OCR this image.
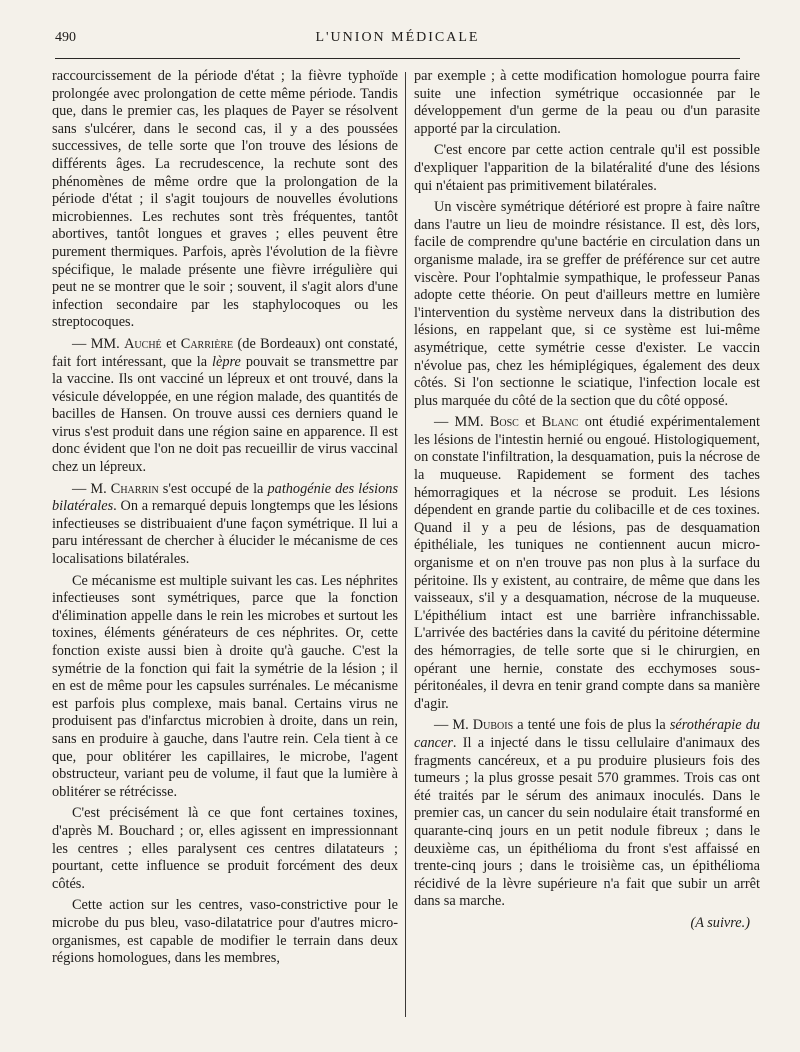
490	L'UNION MÉDICALE

raccourcissement de la période d'état ; la fièvre typhoïde prolongée avec prolongation de cette même période. Tandis que, dans le premier cas, les plaques de Payer se résolvent sans s'ulcérer, dans le second cas, il y a des poussées successives, de telle sorte que l'on trouve des lésions de différents âges. La recrudescence, la rechute sont des phénomènes de même ordre que la prolongation de la période d'état ; il s'agit toujours de nouvelles évolutions microbiennes. Les rechutes sont très fréquentes, tantôt abortives, tantôt longues et graves ; elles peuvent être purement thermiques. Parfois, après l'évolution de la fièvre spécifique, le malade présente une fièvre irrégulière qui peut ne se montrer que le soir ; souvent, il s'agit alors d'une infection secondaire par les staphylocoques ou les streptocoques.

— MM. Auché et Carrière (de Bordeaux) ont constaté, fait fort intéressant, que la lèpre pouvait se transmettre par la vaccine. Ils ont vacciné un lépreux et ont trouvé, dans la vésicule développée, en une région malade, des quantités de bacilles de Hansen. On trouve aussi ces derniers quand le virus s'est produit dans une région saine en apparence. Il est donc évident que l'on ne doit pas recueillir de virus vaccinal chez un lépreux.

— M. Charrin s'est occupé de la pathogénie des lésions bilatérales. On a remarqué depuis longtemps que les lésions infectieuses se distribuaient d'une façon symétrique. Il lui a paru intéressant de chercher à élucider le mécanisme de ces localisations bilatérales.

Ce mécanisme est multiple suivant les cas. Les néphrites infectieuses sont symétriques, parce que la fonction d'élimination appelle dans le rein les microbes et surtout les toxines, éléments générateurs de ces néphrites. Or, cette fonction existe aussi bien à droite qu'à gauche. C'est la symétrie de la fonction qui fait la symétrie de la lésion ; il en est de même pour les capsules surrénales. Le mécanisme est parfois plus complexe, mais banal. Certains virus ne produisent pas d'infarctus microbien à droite, dans un rein, sans en produire à gauche, dans l'autre rein. Cela tient à ce que, pour oblitérer les capillaires, le microbe, l'agent obstructeur, variant peu de volume, il faut que la lumière à oblitérer se rétrécisse.

C'est précisément là ce que font certaines toxines, d'après M. Bouchard ; or, elles agissent en impressionnant les centres ; elles paralysent ces centres dilatateurs ; pourtant, cette influence se produit forcément des deux côtés.

Cette action sur les centres, vaso-constrictive pour le microbe du pus bleu, vaso-dilatatrice pour d'autres micro-organismes, est capable de modifier le terrain dans deux régions homologues, dans les membres,

par exemple ; à cette modification homologue pourra faire suite une infection symétrique occasionnée par le développement d'un germe de la peau ou d'un parasite apporté par la circulation.

C'est encore par cette action centrale qu'il est possible d'expliquer l'apparition de la bilatéralité d'une des lésions qui n'étaient pas primitivement bilatérales.

Un viscère symétrique détérioré est propre à faire naître dans l'autre un lieu de moindre résistance. Il est, dès lors, facile de comprendre qu'une bactérie en circulation dans un organisme malade, ira se greffer de préférence sur cet autre viscère. Pour l'ophtalmie sympathique, le professeur Panas adopte cette théorie. On peut d'ailleurs mettre en lumière l'intervention du système nerveux dans la distribution des lésions, en rappelant que, si ce système est lui-même asymétrique, cette symétrie cesse d'exister. Le vaccin n'évolue pas, chez les hémiplégiques, également des deux côtés. Si l'on sectionne le sciatique, l'infection locale est plus marquée du côté de la section que du côté opposé.

— MM. Bosc et Blanc ont étudié expérimentalement les lésions de l'intestin hernié ou engoué. Histologiquement, on constate l'infiltration, la desquamation, puis la nécrose de la muqueuse. Rapidement se forment des taches hémorragiques et la nécrose se produit. Les lésions dépendent en grande partie du colibacille et de ces toxines. Quand il y a peu de lésions, pas de desquamation épithéliale, les tuniques ne contiennent aucun micro-organisme et on n'en trouve pas non plus à la surface du péritoine. Ils y existent, au contraire, de même que dans les vaisseaux, s'il y a desquamation, nécrose de la muqueuse. L'épithélium intact est une barrière infranchissable. L'arrivée des bactéries dans la cavité du péritoine détermine des hémorragies, de telle sorte que si le chirurgien, en opérant une hernie, constate des ecchymoses sous-péritonéales, il devra en tenir grand compte dans sa manière d'agir.

— M. Dubois a tenté une fois de plus la sérothérapie du cancer. Il a injecté dans le tissu cellulaire d'animaux des fragments cancéreux, et a pu produire plusieurs fois des tumeurs ; la plus grosse pesait 570 grammes. Trois cas ont été traités par le sérum des animaux inoculés. Dans le premier cas, un cancer du sein nodulaire était transformé en quarante-cinq jours en un petit nodule fibreux ; dans le deuxième cas, un épithélioma du front s'est affaissé en trente-cinq jours ; dans le troisième cas, un épithélioma récidivé de la lèvre supérieure n'a fait que subir un arrêt dans sa marche.

(A suivre.)
